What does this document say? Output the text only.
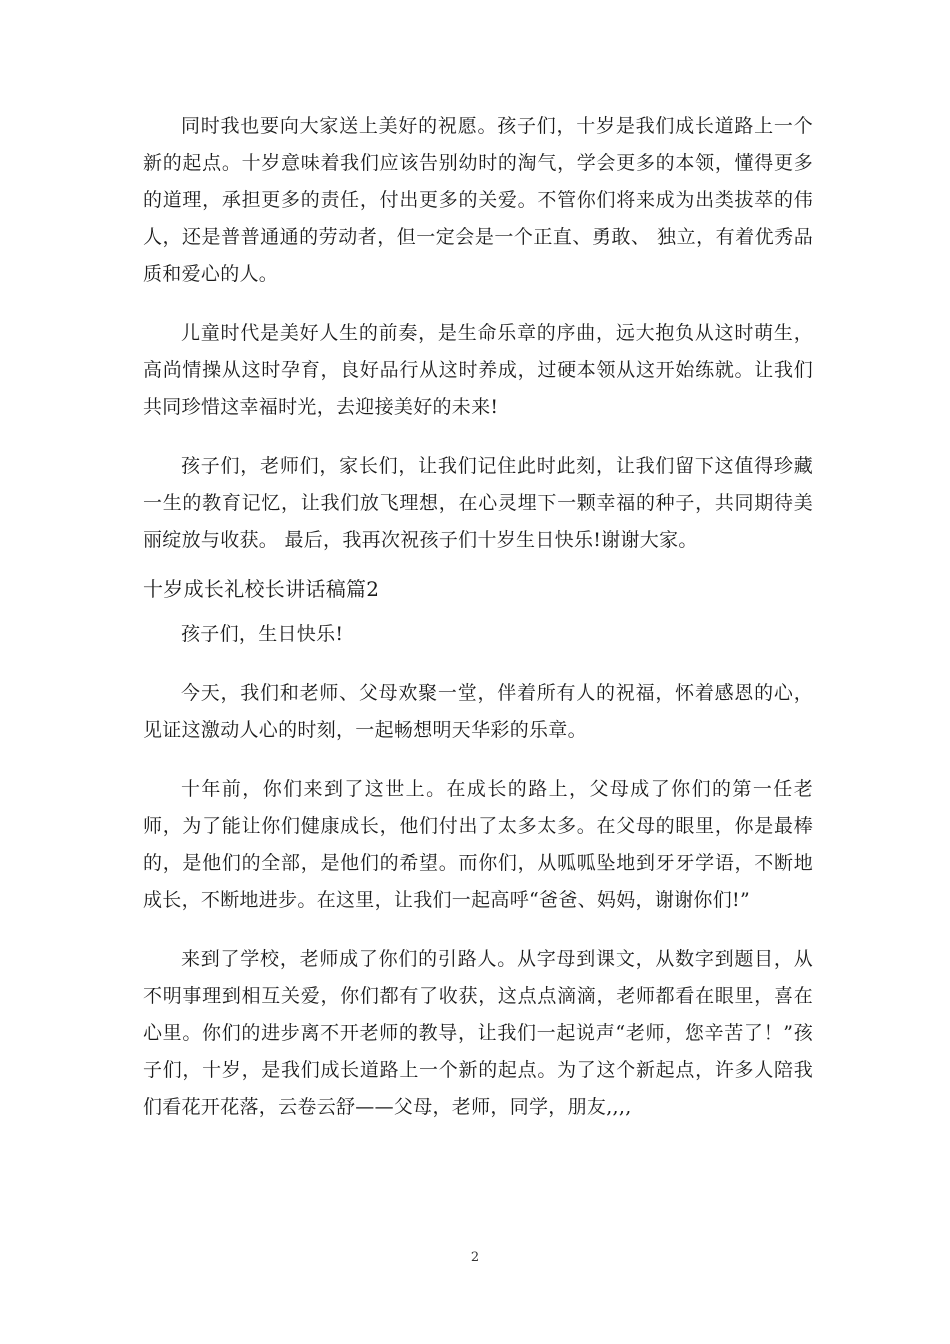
同时我也要向大家送上美好的祝愿。孩子们，十岁是我们成长道路上一个新的起点。十岁意味着我们应该告别幼时的淘气，学会更多的本领，懂得更多的道理，承担更多的责任，付出更多的关爱。不管你们将来成为出类拔萃的伟人，还是普普通通的劳动者，但一定会是一个正直、勇敢、 独立，有着优秀品质和爱心的人。

儿童时代是美好人生的前奏，是生命乐章的序曲，远大抱负从这时萌生，高尚情操从这时孕育，良好品行从这时养成，过硬本领从这开始练就。让我们共同珍惜这幸福时光，去迎接美好的未来!

孩子们，老师们，家长们，让我们记住此时此刻，让我们留下这值得珍藏一生的教育记忆，让我们放飞理想，在心灵埋下一颗幸福的种子，共同期待美丽绽放与收获。 最后，我再次祝孩子们十岁生日快乐!谢谢大家。

十岁成长礼校长讲话稿篇2

孩子们，生日快乐!

今天，我们和老师、父母欢聚一堂，伴着所有人的祝福，怀着感恩的心，见证这激动人心的时刻，一起畅想明天华彩的乐章。

十年前，你们来到了这世上。在成长的路上，父母成了你们的第一任老师，为了能让你们健康成长，他们付出了太多太多。在父母的眼里，你是最棒的，是他们的全部，是他们的希望。而你们，从呱呱坠地到牙牙学语，不断地成长，不断地进步。在这里，让我们一起高呼“爸爸、妈妈，谢谢你们!”

来到了学校，老师成了你们的引路人。从字母到课文，从数字到题目，从不明事理到相互关爱，你们都有了收获，这点点滴滴，老师都看在眼里，喜在心里。你们的进步离不开老师的教导，让我们一起说声“老师，您辛苦了！”孩子们，十岁，是我们成长道路上一个新的起点。为了这个新起点，许多人陪我们看花开花落，云卷云舒——父母，老师，同学，朋友,,,,

2
